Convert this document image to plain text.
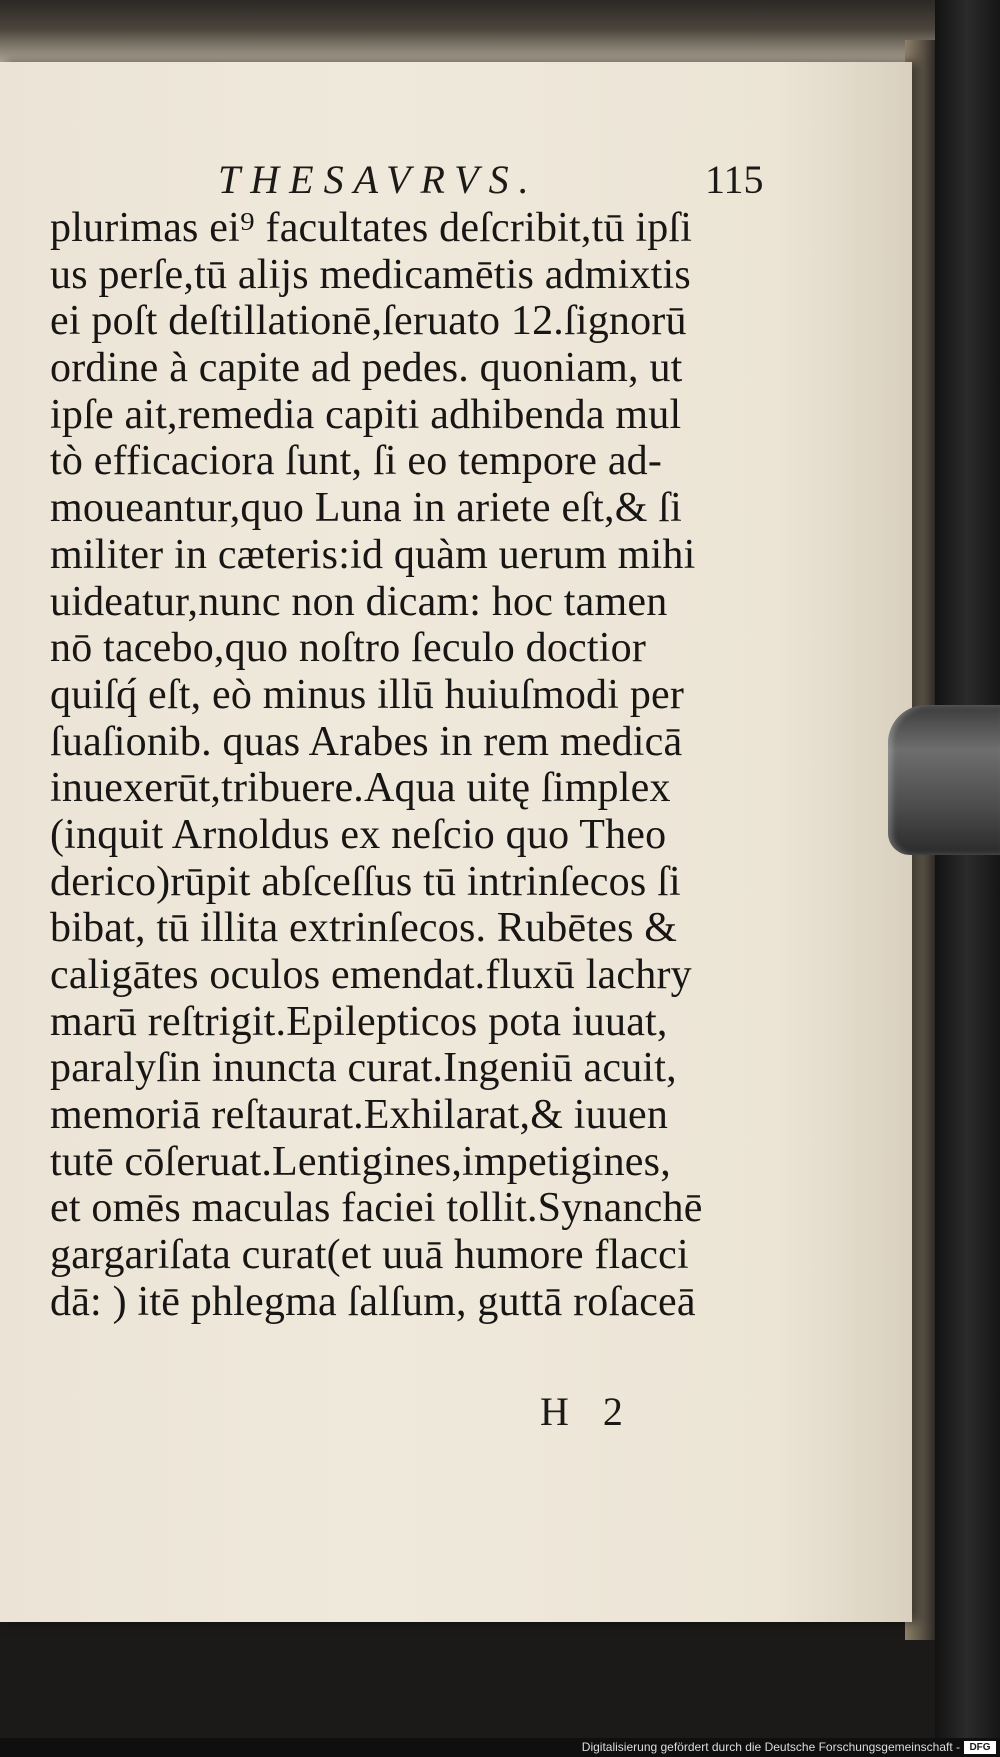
THESAVRVS.	115
plurimas ei⁹ facultates deſcribit,tū ipſi
us perſe,tū alijs medicamētis admixtis
ei poſt deſtillationē,ſeruato 12.ſignorū
ordine à capite ad pedes. quoniam, ut
ipſe ait,remedia capiti adhibenda mul
tò efficaciora ſunt, ſi eo tempore ad-
moueantur,quo Luna in ariete eſt,& ſi
militer in cæteris:id quàm uerum mihi
uideatur,nunc non dicam: hoc tamen
nō tacebo,quo noſtro ſeculo doctior
quiſq́ eſt, eò minus illū huiuſmodi per
ſuaſionib. quas Arabes in rem medicā
inuexerūt,tribuere.Aqua uitę ſimplex
(inquit Arnoldus ex neſcio quo Theo
derico)rūpit abſceſſus tū intrinſecos ſi
bibat, tū illita extrinſecos. Rubētes &
caligātes oculos emendat.fluxū lachry
marū reſtrigit.Epilepticos pota iuuat,
paralyſin inuncta curat.Ingeniū acuit,
memoriā reſtaurat.Exhilarat,& iuuen
tutē cōſeruat.Lentigines,impetigines,
et omēs maculas faciei tollit.Synanchē
gargariſata curat(et uuā humore flacci
dā: ) itē phlegma ſalſum, guttā roſaceā
H 2
Digitalisierung gefördert durch die Deutsche Forschungsgemeinschaft - DFG
